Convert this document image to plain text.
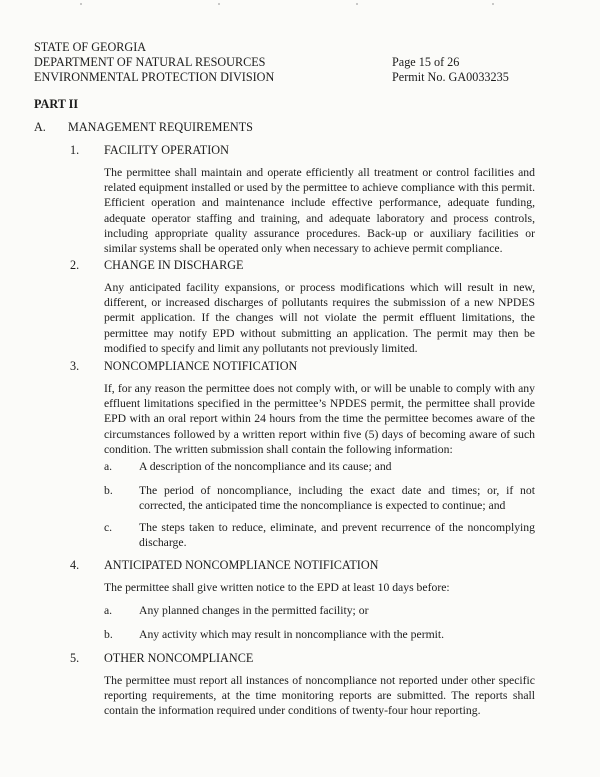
STATE OF GEORGIA
DEPARTMENT OF NATURAL RESOURCES
ENVIRONMENTAL PROTECTION DIVISION
Page 15 of 26
Permit No. GA0033235
PART II
A. MANAGEMENT REQUIREMENTS
1. FACILITY OPERATION

The permittee shall maintain and operate efficiently all treatment or control facilities and related equipment installed or used by the permittee to achieve compliance with this permit. Efficient operation and maintenance include effective performance, adequate funding, adequate operator staffing and training, and adequate laboratory and process controls, including appropriate quality assurance procedures. Back-up or auxiliary facilities or similar systems shall be operated only when necessary to achieve permit compliance.

2. CHANGE IN DISCHARGE

Any anticipated facility expansions, or process modifications which will result in new, different, or increased discharges of pollutants requires the submission of a new NPDES permit application. If the changes will not violate the permit effluent limitations, the permittee may notify EPD without submitting an application. The permit may then be modified to specify and limit any pollutants not previously limited.

3. NONCOMPLIANCE NOTIFICATION

If, for any reason the permittee does not comply with, or will be unable to comply with any effluent limitations specified in the permittee’s NPDES permit, the permittee shall provide EPD with an oral report within 24 hours from the time the permittee becomes aware of the circumstances followed by a written report within five (5) days of becoming aware of such condition. The written submission shall contain the following information:

a. A description of the noncompliance and its cause; and
b. The period of noncompliance, including the exact date and times; or, if not corrected, the anticipated time the noncompliance is expected to continue; and
c. The steps taken to reduce, eliminate, and prevent recurrence of the noncomplying discharge.
4. ANTICIPATED NONCOMPLIANCE NOTIFICATION

The permittee shall give written notice to the EPD at least 10 days before:

a. Any planned changes in the permitted facility; or
b. Any activity which may result in noncompliance with the permit.
5. OTHER NONCOMPLIANCE

The permittee must report all instances of noncompliance not reported under other specific reporting requirements, at the time monitoring reports are submitted. The reports shall contain the information required under conditions of twenty-four hour reporting.
